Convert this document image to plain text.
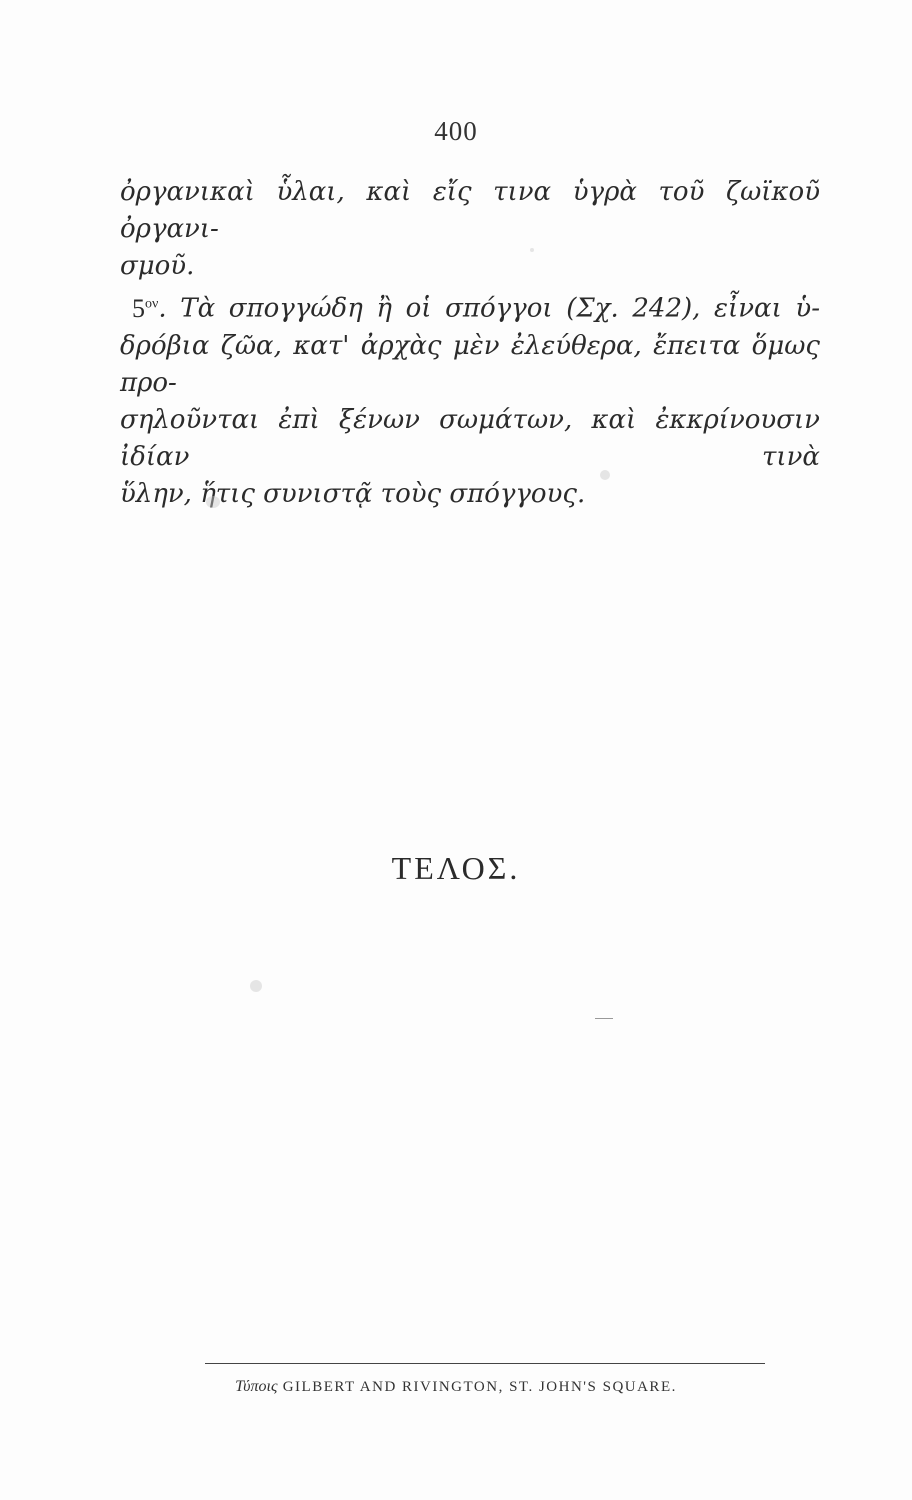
400
ὀργανικαὶ ὗλαι, καὶ εἴς τινα ὑγρὰ τοῦ ζωϊκοῦ ὀργανι-
σμοῦ.
$5^{o\nu}$. Τὰ σπογγώδη ἢ οἱ σπόγγοι (Σχ. 242), εἶναι ὑ-
δρόβια ζῶα, κατ' ἀρχὰς μὲν ἐλεύθερα, ἔπειτα ὅμως προ-
σηλοῦνται ἐπὶ ξένων σωμάτων, καὶ ἐκκρίνουσιν ἰδίαν τινὰ
ὕλην, ἥτις συνιστᾷ τοὺς σπόγγους.
ΤΕΛΟΣ.
Τύποις GILBERT AND RIVINGTON, ST. JOHN'S SQUARE.
